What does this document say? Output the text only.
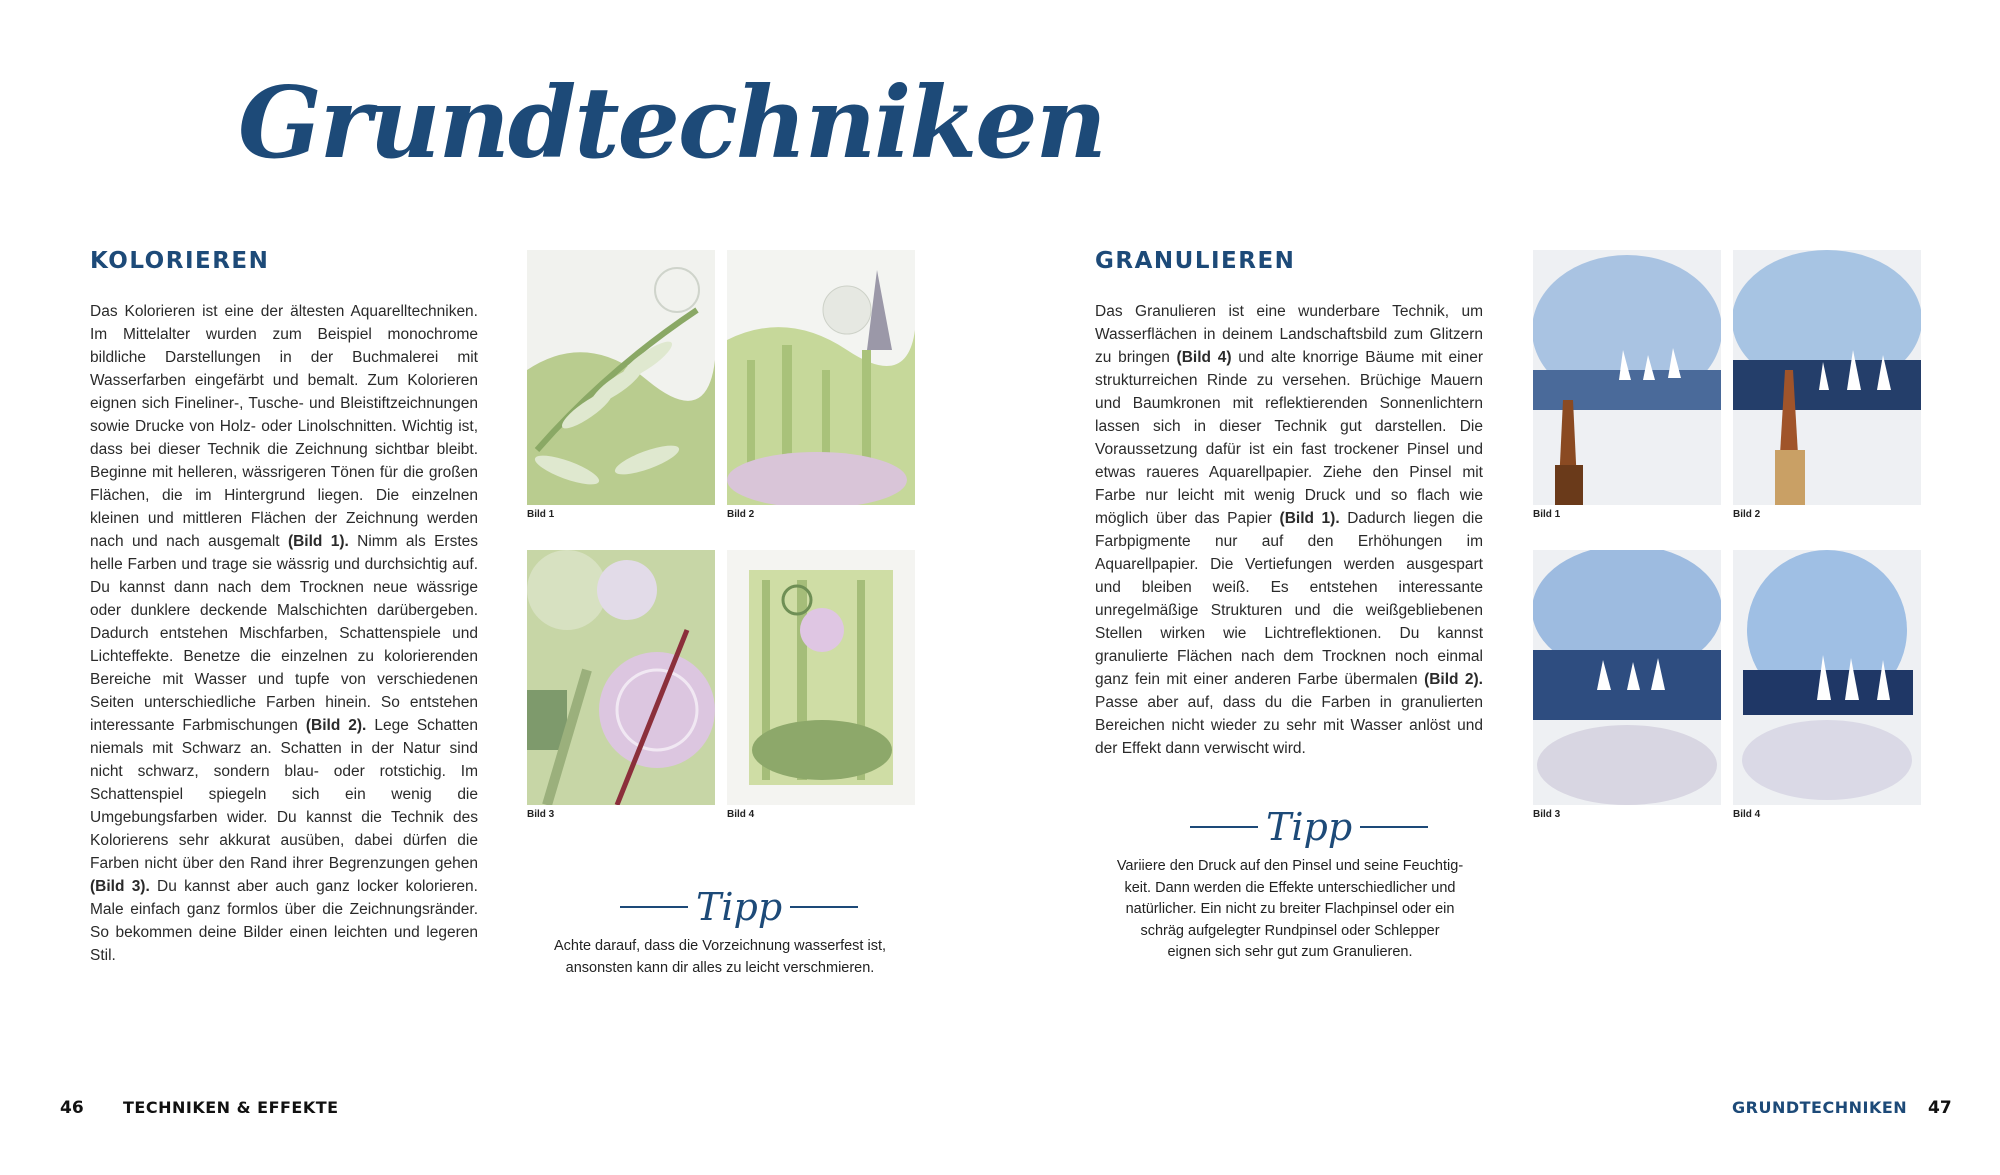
Grundtechniken
KOLORIEREN

Das Kolorieren ist eine der ältesten Aquarelltechniken. Im Mittelalter wurden zum Beispiel monochrome bildliche Darstellungen in der Buchmalerei mit Wasserfarben eingefärbt und bemalt. Zum Kolorieren eignen sich Fineliner-, Tusche- und Bleistiftzeichnungen sowie Drucke von Holz- oder Linolschnitten. Wichtig ist, dass bei dieser Technik die Zeichnung sichtbar bleibt. Beginne mit helleren, wässrigeren Tönen für die großen Flächen, die im Hintergrund liegen. Die einzelnen kleinen und mittleren Flächen der Zeichnung werden nach und nach ausgemalt (Bild 1). Nimm als Erstes helle Farben und trage sie wässrig und durchsichtig auf. Du kannst dann nach dem Trocknen neue wässrige oder dunklere deckende Malschichten darübergeben. Dadurch entstehen Mischfarben, Schattenspiele und Lichteffekte. Benetze die einzelnen zu kolorierenden Bereiche mit Wasser und tupfe von verschiedenen Seiten unterschiedliche Farben hinein. So entstehen interessante Farbmischungen (Bild 2). Lege Schatten niemals mit Schwarz an. Schatten in der Natur sind nicht schwarz, sondern blau- oder rotstichig. Im Schattenspiel spiegeln sich ein wenig die Umgebungsfarben wider. Du kannst die Technik des Kolorierens sehr akkurat ausüben, dabei dürfen die Farben nicht über den Rand ihrer Begrenzungen gehen (Bild 3). Du kannst aber auch ganz locker kolorieren. Male einfach ganz formlos über die Zeichnungsränder. So bekommen deine Bilder einen leichten und legeren Stil.

Bild 1	Bild 2
Bild 3	Bild 4
Tipp
Achte darauf, dass die Vorzeichnung wasserfest ist,
ansonsten kann dir alles zu leicht verschmieren.
GRANULIEREN

Das Granulieren ist eine wunderbare Technik, um Wasserflächen in deinem Landschaftsbild zum Glitzern zu bringen (Bild 4) und alte knorrige Bäume mit einer strukturreichen Rinde zu versehen. Brüchige Mauern und Baumkronen mit reflektierenden Sonnenlichtern lassen sich in dieser Technik gut darstellen. Die Voraussetzung dafür ist ein fast trockener Pinsel und etwas raueres Aquarellpapier. Ziehe den Pinsel mit Farbe nur leicht mit wenig Druck und so flach wie möglich über das Papier (Bild 1). Dadurch liegen die Farbpigmente nur auf den Erhöhungen im Aquarellpapier. Die Vertiefungen werden ausgespart und bleiben weiß. Es entstehen interessante unregelmäßige Strukturen und die weißgebliebenen Stellen wirken wie Lichtreflektionen. Du kannst granulierte Flächen nach dem Trocknen noch einmal ganz fein mit einer anderen Farbe übermalen (Bild 2). Passe aber auf, dass du die Farben in granulierten Bereichen nicht wieder zu sehr mit Wasser anlöst und der Effekt dann verwischt wird.

Bild 1	Bild 2
Bild 3	Bild 4
Tipp
Variiere den Druck auf den Pinsel und seine Feuchtig-
keit. Dann werden die Effekte unterschiedlicher und
natürlicher. Ein nicht zu breiter Flachpinsel oder ein
schräg aufgelegter Rundpinsel oder Schlepper
eignen sich sehr gut zum Granulieren.
46 TECHNIKEN & EFFEKTE	GRUNDTECHNIKEN 47
